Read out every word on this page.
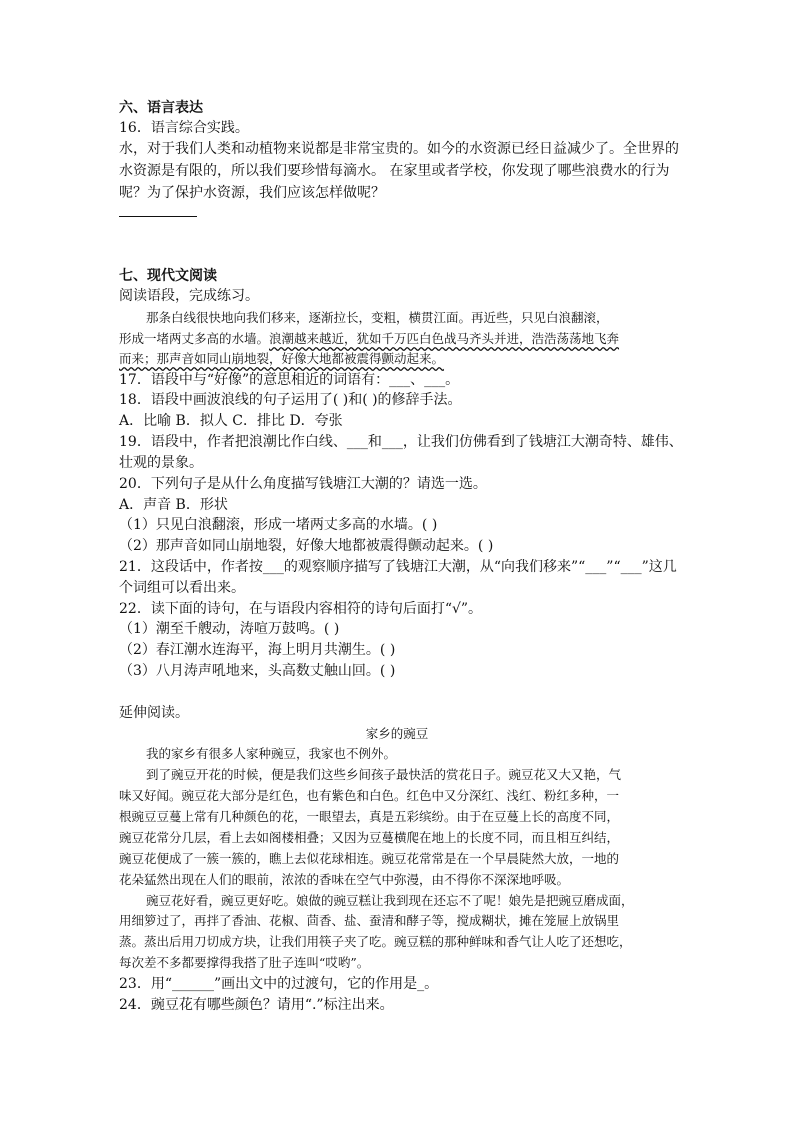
六、语言表达
16．语言综合实践。
水，对于我们人类和动植物来说都是非常宝贵的。如今的水资源已经日益减少了。全世界的
水资源是有限的，所以我们要珍惜每滴水。 在家里或者学校，你发现了哪些浪费水的行为
呢？为了保护水资源，我们应该怎样做呢？
七、现代文阅读
阅读语段，完成练习。
那条白线很快地向我们移来，逐渐拉长，变粗，横贯江面。再近些，只见白浪翻滚，
形成一堵两丈多高的水墙。浪潮越来越近，犹如千万匹白色战马齐头并进，浩浩荡荡地飞奔
而来；那声音如同山崩地裂，好像大地都被震得颤动起来。
17．语段中与“好像”的意思相近的词语有：___、___。
18．语段中画波浪线的句子运用了( )和( )的修辞手法。
A．比喻 B．拟人 C．排比 D．夸张
19．语段中，作者把浪潮比作白线、___和___，让我们仿佛看到了钱塘江大潮奇特、雄伟、
壮观的景象。
20．下列句子是从什么角度描写钱塘江大潮的？请选一选。
A．声音 B．形状
（1）只见白浪翻滚，形成一堵两丈多高的水墙。( )
（2）那声音如同山崩地裂，好像大地都被震得颤动起来。( )
21．这段话中，作者按___的观察顺序描写了钱塘江大潮，从“向我们移来”“___”“___”这几
个词组可以看出来。
22．读下面的诗句，在与语段内容相符的诗句后面打“√”。
（1）潮至千艘动，涛喧万鼓鸣。( )
（2）春江潮水连海平，海上明月共潮生。( )
（3）八月涛声吼地来，头高数丈触山回。( )
延伸阅读。
家乡的豌豆
我的家乡有很多人家种豌豆，我家也不例外。
到了豌豆开花的时候，便是我们这些乡间孩子最快活的赏花日子。豌豆花又大又艳，气
味又好闻。豌豆花大部分是红色，也有紫色和白色。红色中又分深红、浅红、粉红多种，一
根豌豆豆蔓上常有几种颜色的花，一眼望去，真是五彩缤纷。由于在豆蔓上长的高度不同，
豌豆花常分几层，看上去如阁楼相叠；又因为豆蔓横爬在地上的长度不同，而且相互纠结，
豌豆花便成了一簇一簇的，瞧上去似花球相连。豌豆花常常是在一个早晨陡然大放，一地的
花朵猛然出现在人们的眼前，浓浓的香味在空气中弥漫，由不得你不深深地呼吸。
豌豆花好看，豌豆更好吃。娘做的豌豆糕让我到现在还忘不了呢！娘先是把豌豆磨成面，
用细箩过了，再拌了香油、花椒、茴香、盐、蚕清和酵子等，搅成糊状，摊在笼屉上放锅里
蒸。蒸出后用刀切成方块，让我们用筷子夹了吃。豌豆糕的那种鲜味和香气让人吃了还想吃，
每次差不多都要撑得我搭了肚子连叫“哎哟”。
23．用“______”画出文中的过渡句，它的作用是_。
24．豌豆花有哪些颜色？请用“.”标注出来。
